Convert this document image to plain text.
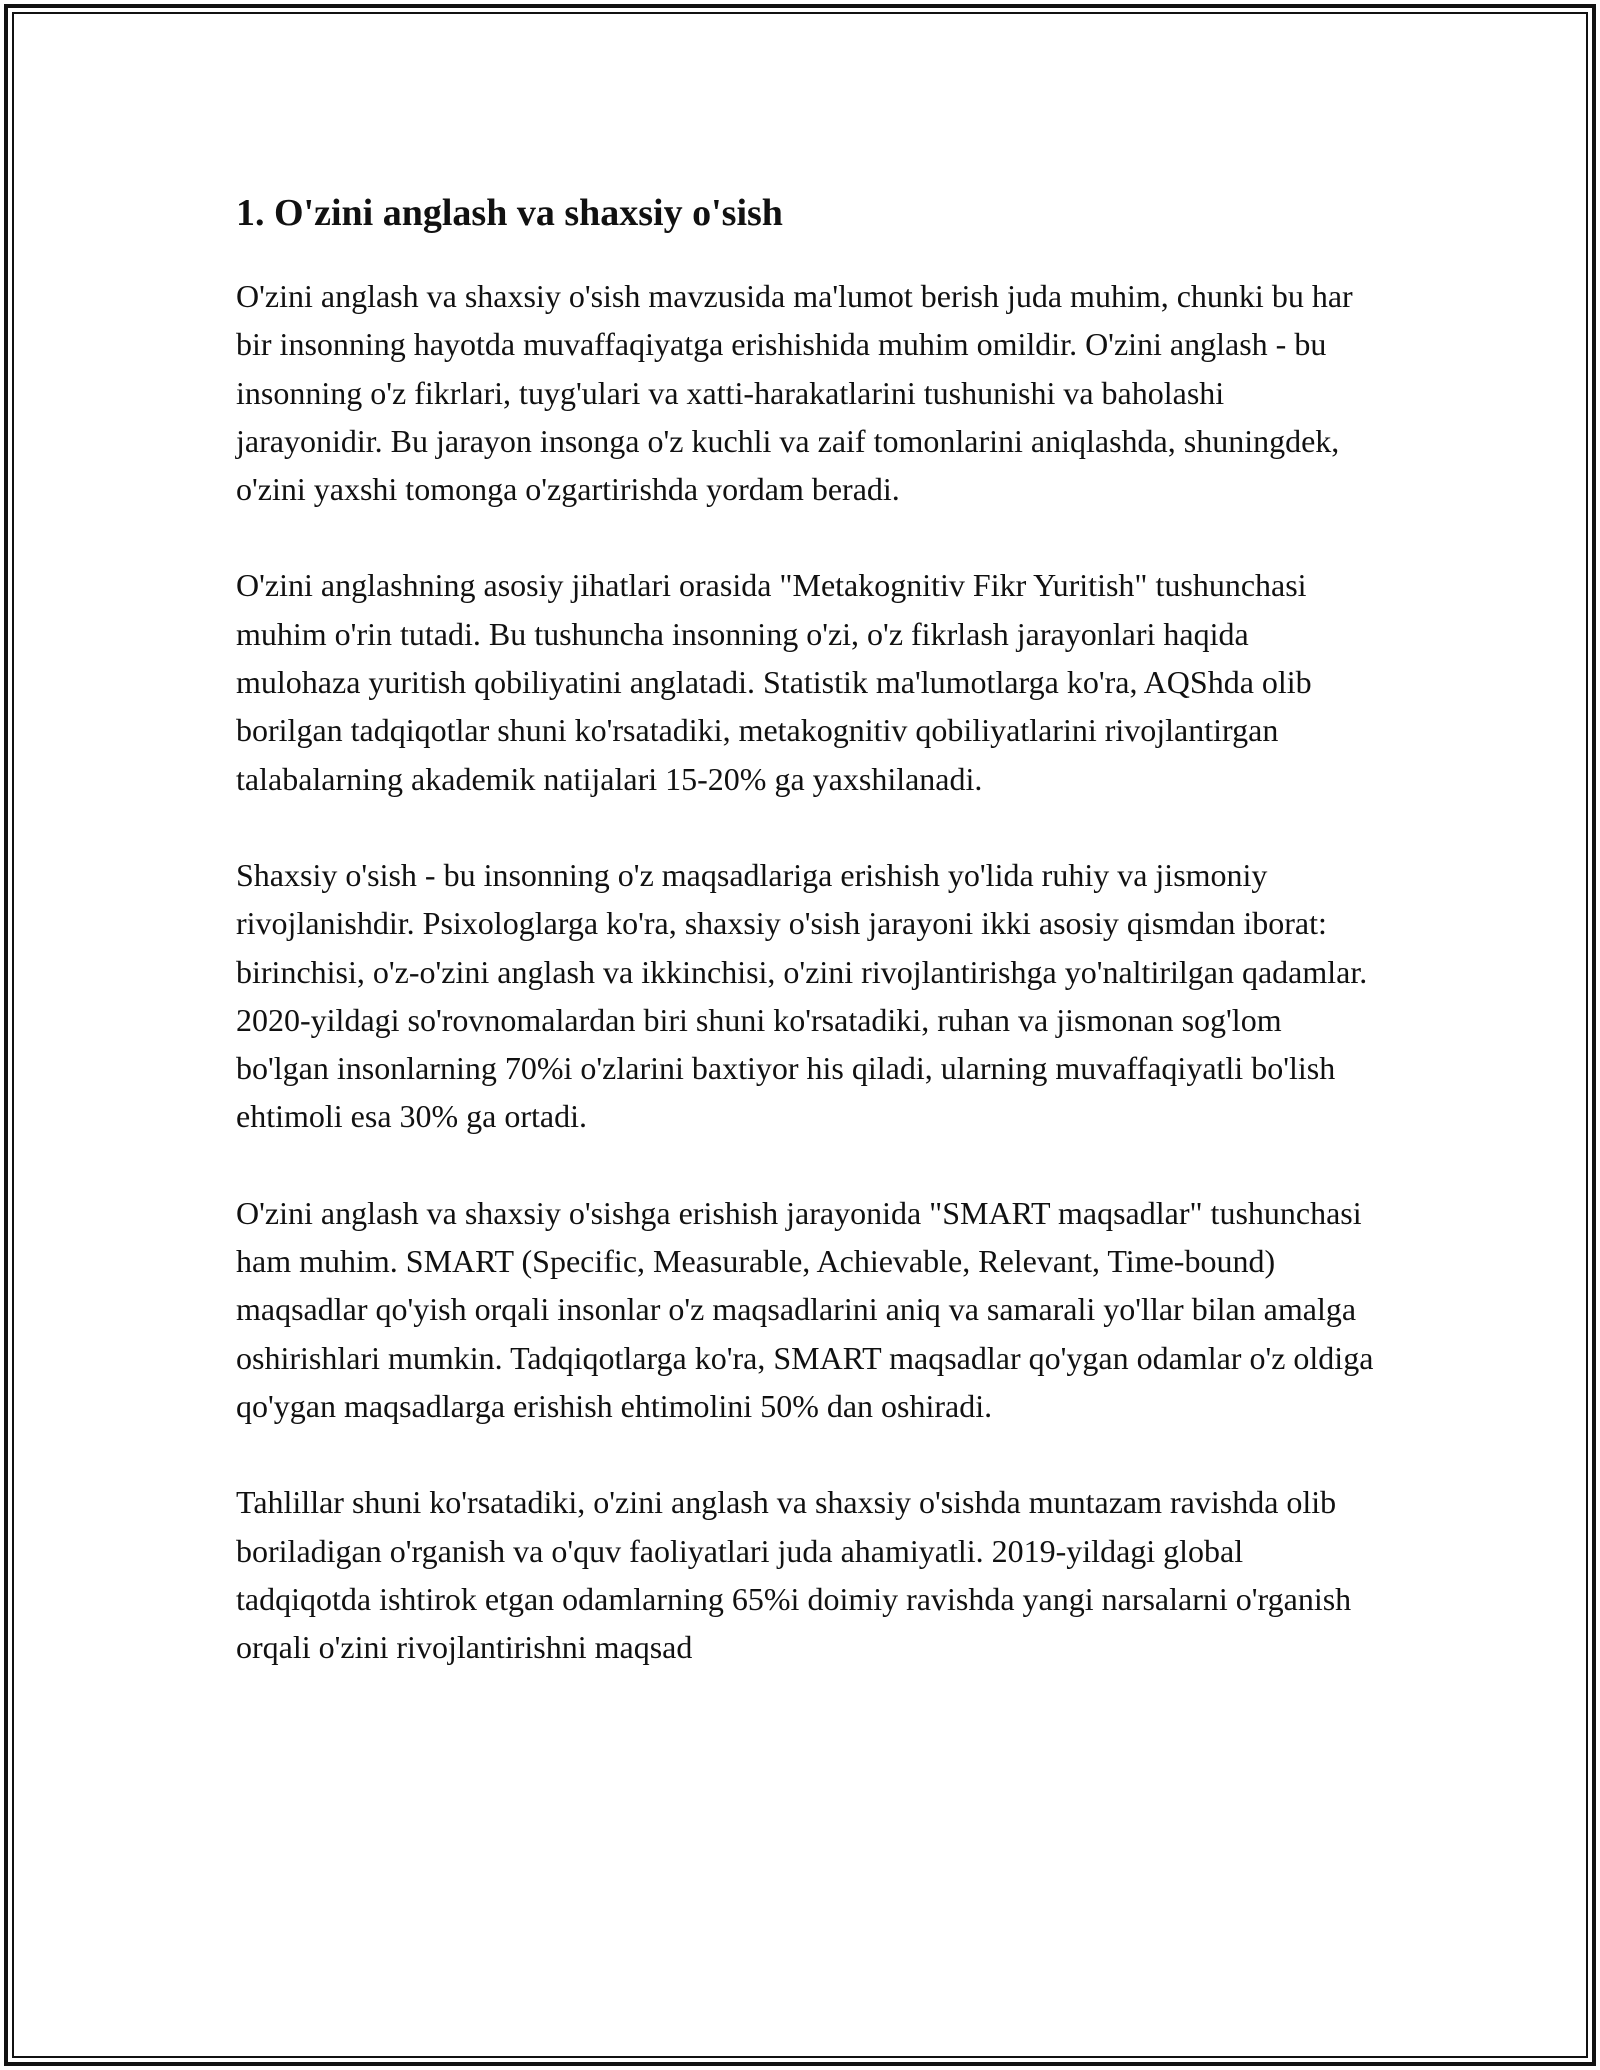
1. O'zini anglash va shaxsiy o'sish

O'zini anglash va shaxsiy o'sish mavzusida ma'lumot berish juda muhim, chunki bu har bir insonning hayotda muvaffaqiyatga erishishida muhim omildir. O'zini anglash - bu insonning o'z fikrlari, tuyg'ulari va xatti-harakatlarini tushunishi va baholashi jarayonidir. Bu jarayon insonga o'z kuchli va zaif tomonlarini aniqlashda, shuningdek, o'zini yaxshi tomonga o'zgartirishda yordam beradi.

O'zini anglashning asosiy jihatlari orasida "Metakognitiv Fikr Yuritish" tushunchasi muhim o'rin tutadi. Bu tushuncha insonning o'zi, o'z fikrlash jarayonlari haqida mulohaza yuritish qobiliyatini anglatadi. Statistik ma'lumotlarga ko'ra, AQShda olib borilgan tadqiqotlar shuni ko'rsatadiki, metakognitiv qobiliyatlarini rivojlantirgan talabalarning akademik natijalari 15-20% ga yaxshilanadi.

Shaxsiy o'sish - bu insonning o'z maqsadlariga erishish yo'lida ruhiy va jismoniy rivojlanishdir. Psixologlarga ko'ra, shaxsiy o'sish jarayoni ikki asosiy qismdan iborat: birinchisi, o'z-o'zini anglash va ikkinchisi, o'zini rivojlantirishga yo'naltirilgan qadamlar. 2020-yildagi so'rovnomalardan biri shuni ko'rsatadiki, ruhan va jismonan sog'lom bo'lgan insonlarning 70%i o'zlarini baxtiyor his qiladi, ularning muvaffaqiyatli bo'lish ehtimoli esa 30% ga ortadi.

O'zini anglash va shaxsiy o'sishga erishish jarayonida "SMART maqsadlar" tushunchasi ham muhim. SMART (Specific, Measurable, Achievable, Relevant, Time-bound) maqsadlar qo'yish orqali insonlar o'z maqsadlarini aniq va samarali yo'llar bilan amalga oshirishlari mumkin. Tadqiqotlarga ko'ra, SMART maqsadlar qo'ygan odamlar o'z oldiga qo'ygan maqsadlarga erishish ehtimolini 50% dan oshiradi.

Tahlillar shuni ko'rsatadiki, o'zini anglash va shaxsiy o'sishda muntazam ravishda olib boriladigan o'rganish va o'quv faoliyatlari juda ahamiyatli. 2019-yildagi global tadqiqotda ishtirok etgan odamlarning 65%i doimiy ravishda yangi narsalarni o'rganish orqali o'zini rivojlantirishni maqsad
